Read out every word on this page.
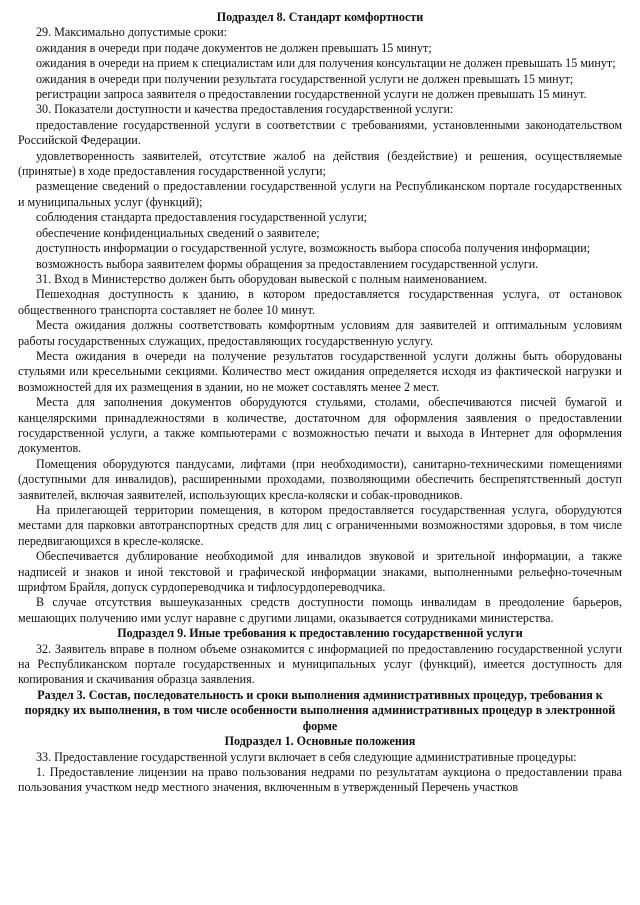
Подраздел 8. Стандарт комфортности

29. Максимально допустимые сроки:

ожидания в очереди при подаче документов не должен превышать 15 минут;

ожидания в очереди на прием к специалистам или для получения консультации не должен превышать 15 минут;

ожидания в очереди при получении результата государственной услуги не должен превышать 15 минут;

регистрации запроса заявителя о предоставлении государственной услуги не должен превышать 15 минут.

30. Показатели доступности и качества предоставления государственной услуги:

предоставление государственной услуги в соответствии с требованиями, установленными законодательством Российской Федерации.

удовлетворенность заявителей, отсутствие жалоб на действия (бездействие) и решения, осуществляемые (принятые) в ходе предоставления государственной услуги;

размещение сведений о предоставлении государственной услуги на Республиканском портале государственных и муниципальных услуг (функций);

соблюдения стандарта предоставления государственной услуги;

обеспечение конфиденциальных сведений о заявителе;

доступность информации о государственной услуге, возможность выбора способа получения информации;

возможность выбора заявителем формы обращения за предоставлением государственной услуги.

31. Вход в Министерство должен быть оборудован вывеской с полным наименованием.

Пешеходная доступность к зданию, в котором предоставляется государственная услуга, от остановок общественного транспорта составляет не более 10 минут.

Места ожидания должны соответствовать комфортным условиям для заявителей и оптимальным условиям работы государственных служащих, предоставляющих государственную услугу.

Места ожидания в очереди на получение результатов государственной услуги должны быть оборудованы стульями или кресельными секциями. Количество мест ожидания определяется исходя из фактической нагрузки и возможностей для их размещения в здании, но не может составлять менее 2 мест.

Места для заполнения документов оборудуются стульями, столами, обеспечиваются писчей бумагой и канцелярскими принадлежностями в количестве, достаточном для оформления заявления о предоставлении государственной услуги, а также компьютерами с возможностью печати и выхода в Интернет для оформления документов.

Помещения оборудуются пандусами, лифтами (при необходимости), санитарно-техническими помещениями (доступными для инвалидов), расширенными проходами, позволяющими обеспечить беспрепятственный доступ заявителей, включая заявителей, использующих кресла-коляски и собак-проводников.

На прилегающей территории помещения, в котором предоставляется государственная услуга, оборудуются местами для парковки автотранспортных средств для лиц с ограниченными возможностями здоровья, в том числе передвигающихся в кресле-коляске.

Обеспечивается дублирование необходимой для инвалидов звуковой и зрительной информации, а также надписей и знаков и иной текстовой и графической информации знаками, выполненными рельефно-точечным шрифтом Брайля, допуск сурдопереводчика и тифлосурдопереводчика.

В случае отсутствия вышеуказанных средств доступности помощь инвалидам в преодоление барьеров, мешающих получению ими услуг наравне с другими лицами, оказывается сотрудниками министерства.

Подраздел 9. Иные требования к предоставлению государственной услуги

32. Заявитель вправе в полном объеме ознакомится с информацией по предоставлению государственной услуги на Республиканском портале государственных и муниципальных услуг (функций), имеется доступность для копирования и скачивания образца заявления.

Раздел 3. Состав, последовательность и сроки выполнения административных процедур, требования к порядку их выполнения, в том числе особенности выполнения административных процедур в электронной форме

Подраздел 1. Основные положения

33. Предоставление государственной услуги включает в себя следующие административные процедуры:

1. Предоставление лицензии на право пользования недрами по результатам аукциона о предоставлении права пользования участком недр местного значения, включенным в утвержденный Перечень участков
